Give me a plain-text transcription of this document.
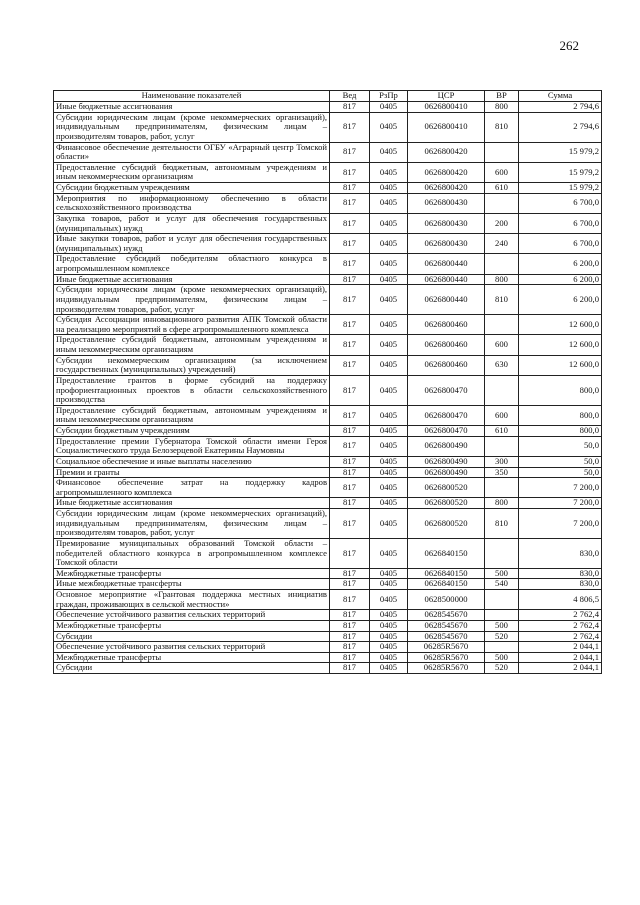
262
Наименование показателей	Вед	РзПр	ЦСР	ВР	Сумма
Иные бюджетные ассигнования	817	0405	0626800410	800	2 794,6
Субсидии юридическим лицам (кроме некоммерческих организаций), индивидуальным предпринимателям, физическим лицам – производителям товаров, работ, услуг	817	0405	0626800410	810	2 794,6
Финансовое обеспечение деятельности ОГБУ «Аграрный центр Томской области»	817	0405	0626800420		15 979,2
Предоставление субсидий бюджетным, автономным учреждениям и иным некоммерческим организациям	817	0405	0626800420	600	15 979,2
Субсидии бюджетным учреждениям	817	0405	0626800420	610	15 979,2
Мероприятия по информационному обеспечению в области сельскохозяйственного производства	817	0405	0626800430		6 700,0
Закупка товаров, работ и услуг для обеспечения государственных (муниципальных) нужд	817	0405	0626800430	200	6 700,0
Иные закупки товаров, работ и услуг для обеспечения государственных (муниципальных) нужд	817	0405	0626800430	240	6 700,0
Предоставление субсидий победителям областного конкурса в агропромышленном комплексе	817	0405	0626800440		6 200,0
Иные бюджетные ассигнования	817	0405	0626800440	800	6 200,0
Субсидии юридическим лицам (кроме некоммерческих организаций), индивидуальным предпринимателям, физическим лицам – производителям товаров, работ, услуг	817	0405	0626800440	810	6 200,0
Субсидия Ассоциации инновационного развития АПК Томской области на реализацию мероприятий в сфере агропромышленного комплекса	817	0405	0626800460		12 600,0
Предоставление субсидий бюджетным, автономным учреждениям и иным некоммерческим организациям	817	0405	0626800460	600	12 600,0
Субсидии некоммерческим организациям (за исключением государственных (муниципальных) учреждений)	817	0405	0626800460	630	12 600,0
Предоставление грантов в форме субсидий на поддержку профориентационных проектов в области сельскохозяйственного производства	817	0405	0626800470		800,0
Предоставление субсидий бюджетным, автономным учреждениям и иным некоммерческим организациям	817	0405	0626800470	600	800,0
Субсидии бюджетным учреждениям	817	0405	0626800470	610	800,0
Предоставление премии Губернатора Томской области имени Героя Социалистического труда Белозерцевой Екатерины Наумовны	817	0405	0626800490		50,0
Социальное обеспечение и иные выплаты населению	817	0405	0626800490	300	50,0
Премии и гранты	817	0405	0626800490	350	50,0
Финансовое обеспечение затрат на поддержку кадров агропромышленного комплекса	817	0405	0626800520		7 200,0
Иные бюджетные ассигнования	817	0405	0626800520	800	7 200,0
Субсидии юридическим лицам (кроме некоммерческих организаций), индивидуальным предпринимателям, физическим лицам – производителям товаров, работ, услуг	817	0405	0626800520	810	7 200,0
Премирование муниципальных образований Томской области – победителей областного конкурса в агропромышленном комплексе Томской области	817	0405	0626840150		830,0
Межбюджетные трансферты	817	0405	0626840150	500	830,0
Иные межбюджетные трансферты	817	0405	0626840150	540	830,0
Основное мероприятие «Грантовая поддержка местных инициатив граждан, проживающих в сельской местности»	817	0405	0628500000		4 806,5
Обеспечение устойчивого развития сельских территорий	817	0405	0628545670		2 762,4
Межбюджетные трансферты	817	0405	0628545670	500	2 762,4
Субсидии	817	0405	0628545670	520	2 762,4
Обеспечение устойчивого развития сельских территорий	817	0405	06285R5670		2 044,1
Межбюджетные трансферты	817	0405	06285R5670	500	2 044,1
Субсидии	817	0405	06285R5670	520	2 044,1
